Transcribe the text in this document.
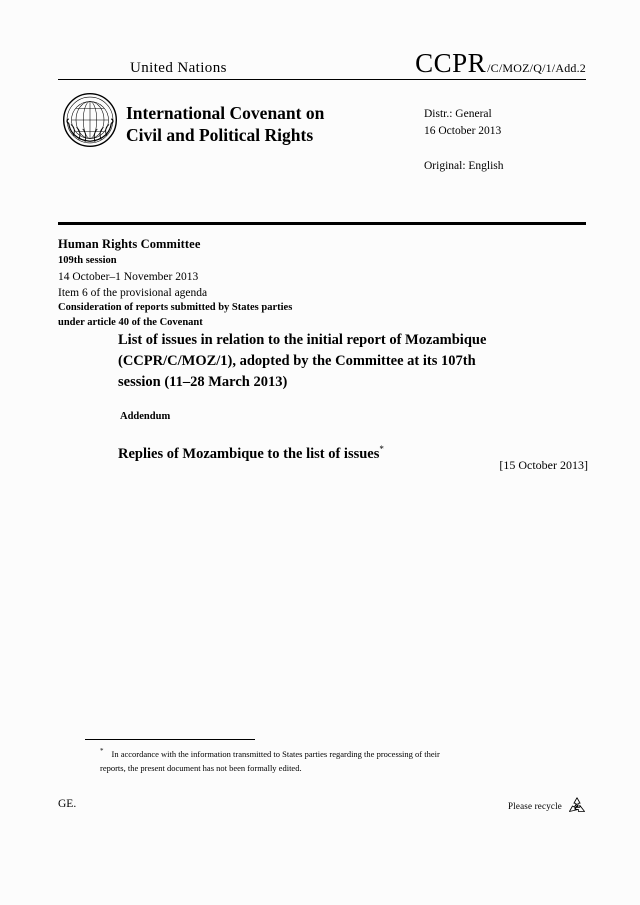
United Nations	CCPR /C/MOZ/Q/1/Add.2
International Covenant on
Civil and Political Rights
Distr.: General
16 October 2013
Original: English
Human Rights Committee
109th session
14 October–1 November 2013
Item 6 of the provisional agenda
Consideration of reports submitted by States parties
under article 40 of the Covenant
List of issues in relation to the initial report of Mozambique
(CCPR/C/MOZ/1), adopted by the Committee at its 107th
session (11–28 March 2013)
Addendum
Replies of Mozambique to the list of issues*
[15 October 2013]
* In accordance with the information transmitted to States parties regarding the processing of their
reports, the present document has not been formally edited.
GE.	Please recycle
